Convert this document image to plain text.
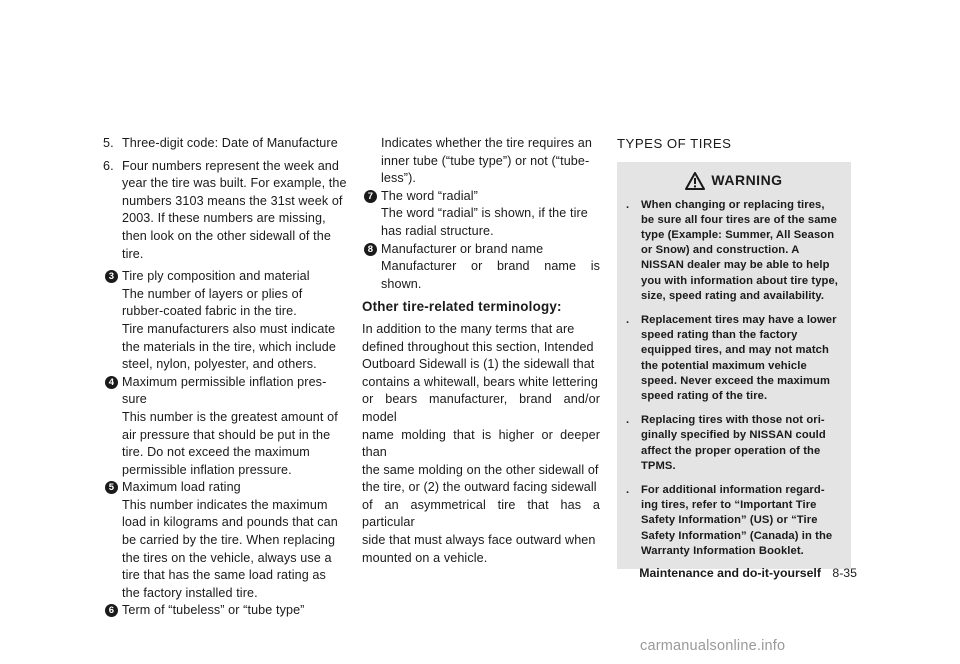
5. Three-digit code: Date of Manufacture
6. Four numbers represent the week and
year the tire was built. For example, the
numbers 3103 means the 31st week of
2003. If these numbers are missing,
then look on the other sidewall of the
tire.
3 Tire ply composition and material
The number of layers or plies of
rubber-coated fabric in the tire.
Tire manufacturers also must indicate
the materials in the tire, which include
steel, nylon, polyester, and others.
4 Maximum permissible inflation pres-
sure
This number is the greatest amount of
air pressure that should be put in the
tire. Do not exceed the maximum
permissible inflation pressure.
5 Maximum load rating
This number indicates the maximum
load in kilograms and pounds that can
be carried by the tire. When replacing
the tires on the vehicle, always use a
tire that has the same load rating as
the factory installed tire.
6 Term of “tubeless” or “tube type”
Indicates whether the tire requires an
inner tube (“tube type”) or not (“tube-
less”).
7 The word “radial”
The word “radial” is shown, if the tire
has radial structure.
8 Manufacturer or brand name
Manufacturer or brand name is shown.
Other tire-related terminology:
In addition to the many terms that are
defined throughout this section, Intended
Outboard Sidewall is (1) the sidewall that
contains a whitewall, bears white lettering
or bears manufacturer, brand and/or model
name molding that is higher or deeper than
the same molding on the other sidewall of
the tire, or (2) the outward facing sidewall
of an asymmetrical tire that has a particular
side that must always face outward when
mounted on a vehicle.
TYPES OF TIRES
WARNING
. When changing or replacing tires,
be sure all four tires are of the same
type (Example: Summer, All Season
or Snow) and construction. A
NISSAN dealer may be able to help
you with information about tire type,
size, speed rating and availability.
. Replacement tires may have a lower
speed rating than the factory
equipped tires, and may not match
the potential maximum vehicle
speed. Never exceed the maximum
speed rating of the tire.
. Replacing tires with those not ori-
ginally specified by NISSAN could
affect the proper operation of the
TPMS.
. For additional information regard-
ing tires, refer to “Important Tire
Safety Information” (US) or “Tire
Safety Information” (Canada) in the
Warranty Information Booklet.
Maintenance and do-it-yourself 8-35
carmanualsonline.info
